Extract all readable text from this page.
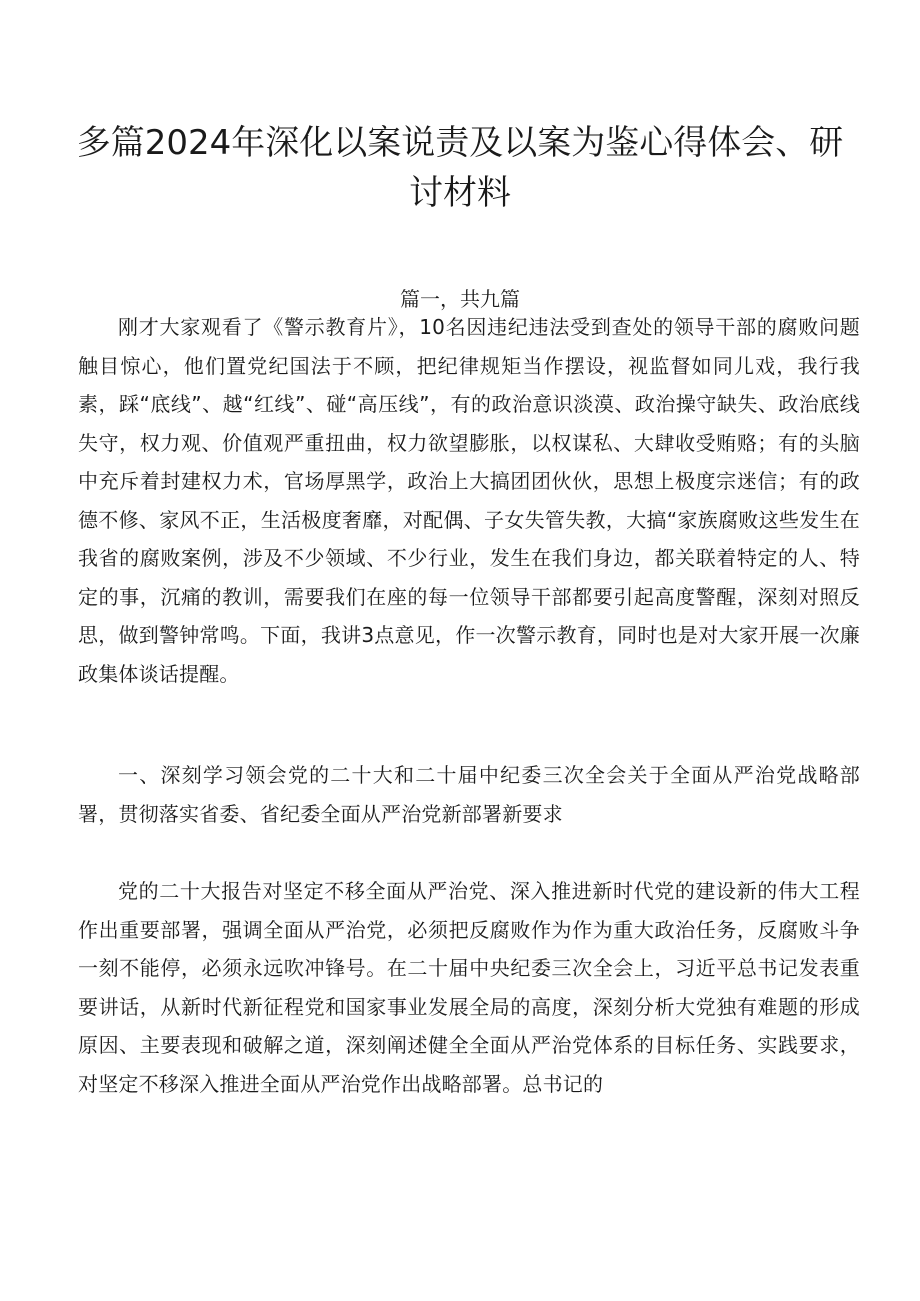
多篇2024年深化以案说责及以案为鉴心得体会、研讨材料
篇一，共九篇

刚才大家观看了《警示教育片》，10名因违纪违法受到查处的领导干部的腐败问题触目惊心，他们置党纪国法于不顾，把纪律规矩当作摆设，视监督如同儿戏，我行我素，踩“底线”、越“红线”、碰“高压线”，有的政治意识淡漠、政治操守缺失、政治底线失守，权力观、价值观严重扭曲，权力欲望膨胀，以权谋私、大肆收受贿赂；有的头脑中充斥着封建权力术，官场厚黑学，政治上大搞团团伙伙，思想上极度宗迷信；有的政德不修、家风不正，生活极度奢靡，对配偶、子女失管失教，大搞“家族腐败这些发生在我省的腐败案例，涉及不少领域、不少行业，发生在我们身边，都关联着特定的人、特定的事，沉痛的教训，需要我们在座的每一位领导干部都要引起高度警醒，深刻对照反思，做到警钟常鸣。下面，我讲3点意见，作一次警示教育，同时也是对大家开展一次廉政集体谈话提醒。

一、深刻学习领会党的二十大和二十届中纪委三次全会关于全面从严治党战略部署，贯彻落实省委、省纪委全面从严治党新部署新要求

党的二十大报告对坚定不移全面从严治党、深入推进新时代党的建设新的伟大工程作出重要部署，强调全面从严治党，必须把反腐败作为作为重大政治任务，反腐败斗争一刻不能停，必须永远吹冲锋号。在二十届中央纪委三次全会上，习近平总书记发表重要讲话，从新时代新征程党和国家事业发展全局的高度，深刻分析大党独有难题的形成原因、主要表现和破解之道，深刻阐述健全全面从严治党体系的目标任务、实践要求，对坚定不移深入推进全面从严治党作出战略部署。总书记的
